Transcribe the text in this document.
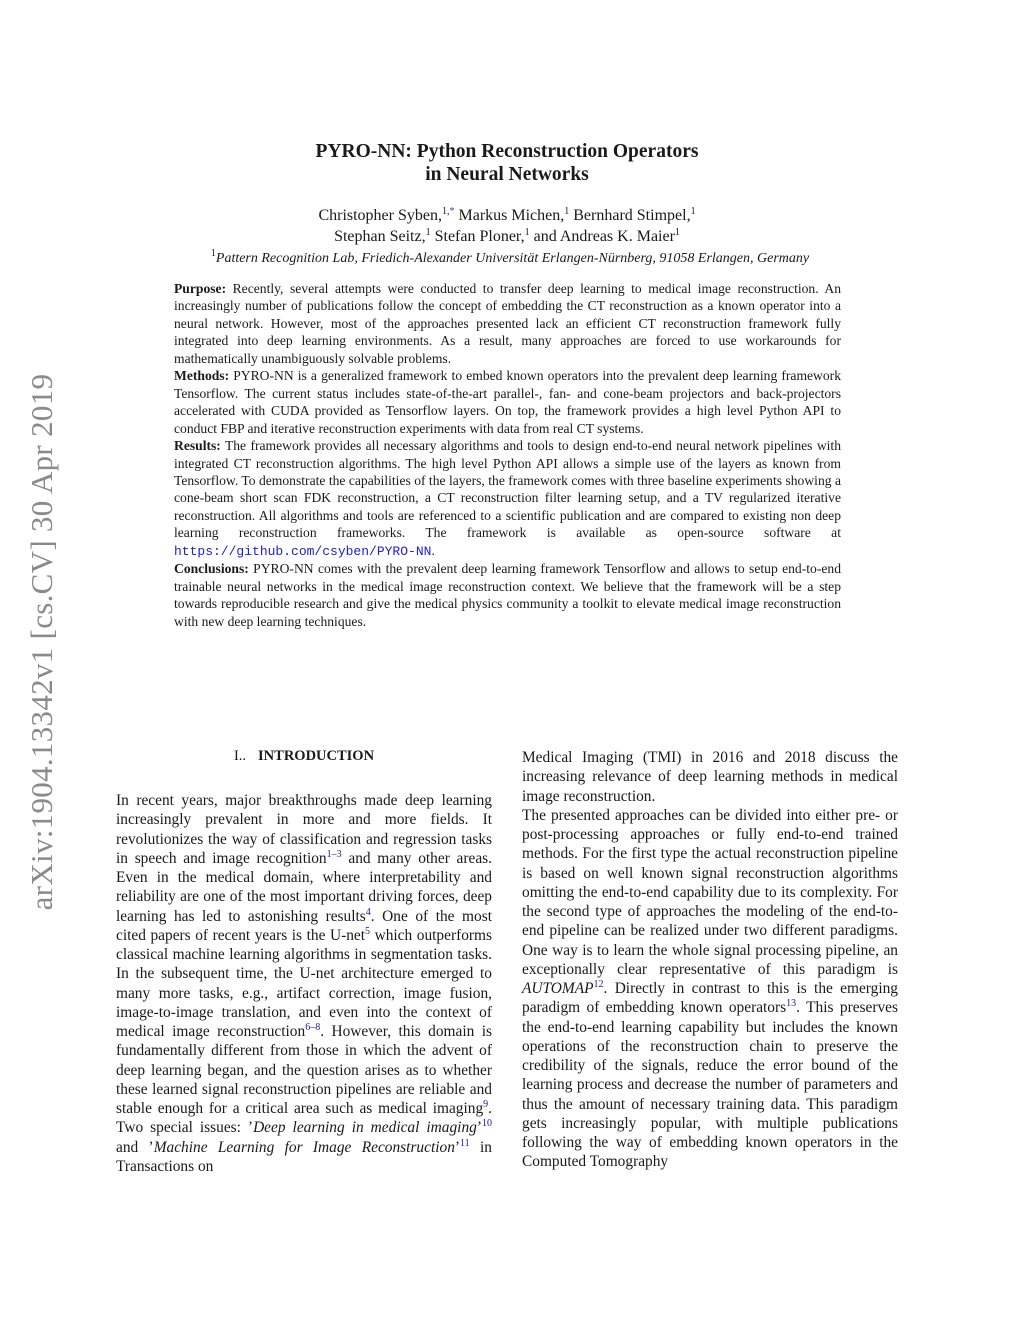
arXiv:1904.13342v1 [cs.CV] 30 Apr 2019
PYRO-NN: Python Reconstruction Operators
in Neural Networks
Christopher Syben,$^{1,*}$ Markus Michen,$^1$ Bernhard Stimpel,$^1$
Stephan Seitz,$^1$ Stefan Ploner,$^1$ and Andreas K. Maier$^1$
$^1$Pattern Recognition Lab, Friedich-Alexander Universität Erlangen-Nürnberg, 91058 Erlangen, Germany

Purpose: Recently, several attempts were conducted to transfer deep learning to medical image reconstruction. An increasingly number of publications follow the concept of embedding the CT reconstruction as a known operator into a neural network. However, most of the approaches presented lack an efficient CT reconstruction framework fully integrated into deep learning environments. As a result, many approaches are forced to use workarounds for mathematically unambiguously solvable problems.

Methods: PYRO-NN is a generalized framework to embed known operators into the prevalent deep learning framework Tensorflow. The current status includes state-of-the-art parallel-, fan- and cone-beam projectors and back-projectors accelerated with CUDA provided as Tensorflow layers. On top, the framework provides a high level Python API to conduct FBP and iterative reconstruction experiments with data from real CT systems.

Results: The framework provides all necessary algorithms and tools to design end-to-end neural network pipelines with integrated CT reconstruction algorithms. The high level Python API allows a simple use of the layers as known from Tensorflow. To demonstrate the capabilities of the layers, the framework comes with three baseline experiments showing a cone-beam short scan FDK reconstruction, a CT reconstruction filter learning setup, and a TV regularized iterative reconstruction. All algorithms and tools are referenced to a scientific publication and are compared to existing non deep learning reconstruction frameworks. The framework is available as open-source software at https://github.com/csyben/PYRO-NN.

Conclusions: PYRO-NN comes with the prevalent deep learning framework Tensorflow and allows to setup end-to-end trainable neural networks in the medical image reconstruction context. We believe that the framework will be a step towards reproducible research and give the medical physics community a toolkit to elevate medical image reconstruction with new deep learning techniques.

I.. INTRODUCTION

In recent years, major breakthroughs made deep learning increasingly prevalent in more and more fields. It revolutionizes the way of classification and regression tasks in speech and image recognition$^{1-3}$ and many other areas. Even in the medical domain, where interpretability and reliability are one of the most important driving forces, deep learning has led to astonishing results$^4$. One of the most cited papers of recent years is the U-net$^5$ which outperforms classical machine learning algorithms in segmentation tasks. In the subsequent time, the U-net architecture emerged to many more tasks, e.g., artifact correction, image fusion, image-to-image translation, and even into the context of medical image reconstruction$^{6-8}$. However, this domain is fundamentally different from those in which the advent of deep learning began, and the question arises as to whether these learned signal reconstruction pipelines are reliable and stable enough for a critical area such as medical imaging$^9$. Two special issues: ’Deep learning in medical imaging’$^{10}$ and ’Machine Learning for Image Reconstruction’$^{11}$ in Transactions on

Medical Imaging (TMI) in 2016 and 2018 discuss the increasing relevance of deep learning methods in medical image reconstruction.

The presented approaches can be divided into either pre- or post-processing approaches or fully end-to-end trained methods. For the first type the actual reconstruction pipeline is based on well known signal reconstruction algorithms omitting the end-to-end capability due to its complexity. For the second type of approaches the modeling of the end-to-end pipeline can be realized under two different paradigms. One way is to learn the whole signal processing pipeline, an exceptionally clear representative of this paradigm is AUTOMAP$^{12}$. Directly in contrast to this is the emerging paradigm of embedding known operators$^{13}$. This preserves the end-to-end learning capability but includes the known operations of the reconstruction chain to preserve the credibility of the signals, reduce the error bound of the learning process and decrease the number of parameters and thus the amount of necessary training data. This paradigm gets increasingly popular, with multiple publications following the way of embedding known operators in the Computed Tomography
